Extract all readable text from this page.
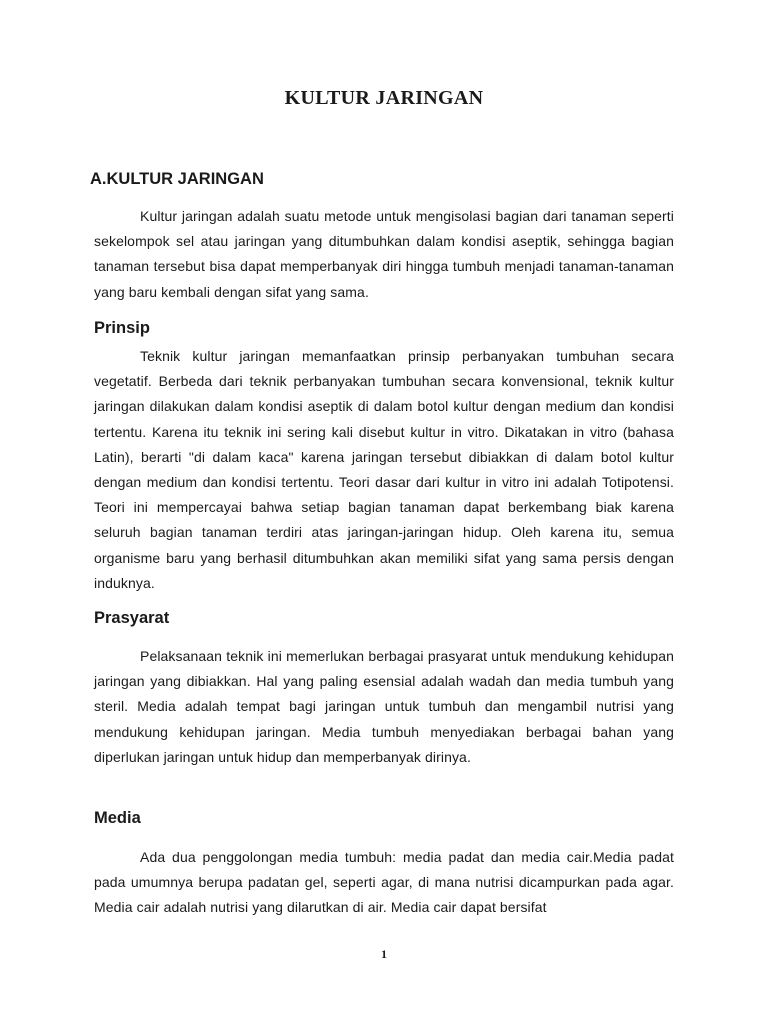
KULTUR JARINGAN
A.KULTUR JARINGAN

Kultur jaringan adalah suatu metode untuk mengisolasi bagian dari tanaman seperti sekelompok sel atau jaringan yang ditumbuhkan dalam kondisi aseptik, sehingga bagian tanaman tersebut bisa dapat memperbanyak diri hingga tumbuh menjadi tanaman-tanaman yang baru kembali dengan sifat yang sama.

Prinsip

Teknik kultur jaringan memanfaatkan prinsip perbanyakan tumbuhan secara vegetatif. Berbeda dari teknik perbanyakan tumbuhan secara konvensional, teknik kultur jaringan dilakukan dalam kondisi aseptik di dalam botol kultur dengan medium dan kondisi tertentu. Karena itu teknik ini sering kali disebut kultur in vitro. Dikatakan in vitro (bahasa Latin), berarti "di dalam kaca" karena jaringan tersebut dibiakkan di dalam botol kultur dengan medium dan kondisi tertentu. Teori dasar dari kultur in vitro ini adalah Totipotensi. Teori ini mempercayai bahwa setiap bagian tanaman dapat berkembang biak karena seluruh bagian tanaman terdiri atas jaringan-jaringan hidup. Oleh karena itu, semua organisme baru yang berhasil ditumbuhkan akan memiliki sifat yang sama persis dengan induknya.

Prasyarat

Pelaksanaan teknik ini memerlukan berbagai prasyarat untuk mendukung kehidupan jaringan yang dibiakkan. Hal yang paling esensial adalah wadah dan media tumbuh yang steril. Media adalah tempat bagi jaringan untuk tumbuh dan mengambil nutrisi yang mendukung kehidupan jaringan. Media tumbuh menyediakan berbagai bahan yang diperlukan jaringan untuk hidup dan memperbanyak dirinya.

Media

Ada dua penggolongan media tumbuh: media padat dan media cair.Media padat pada umumnya berupa padatan gel, seperti agar, di mana nutrisi dicampurkan pada agar. Media cair adalah nutrisi yang dilarutkan di air. Media cair dapat bersifat

1
